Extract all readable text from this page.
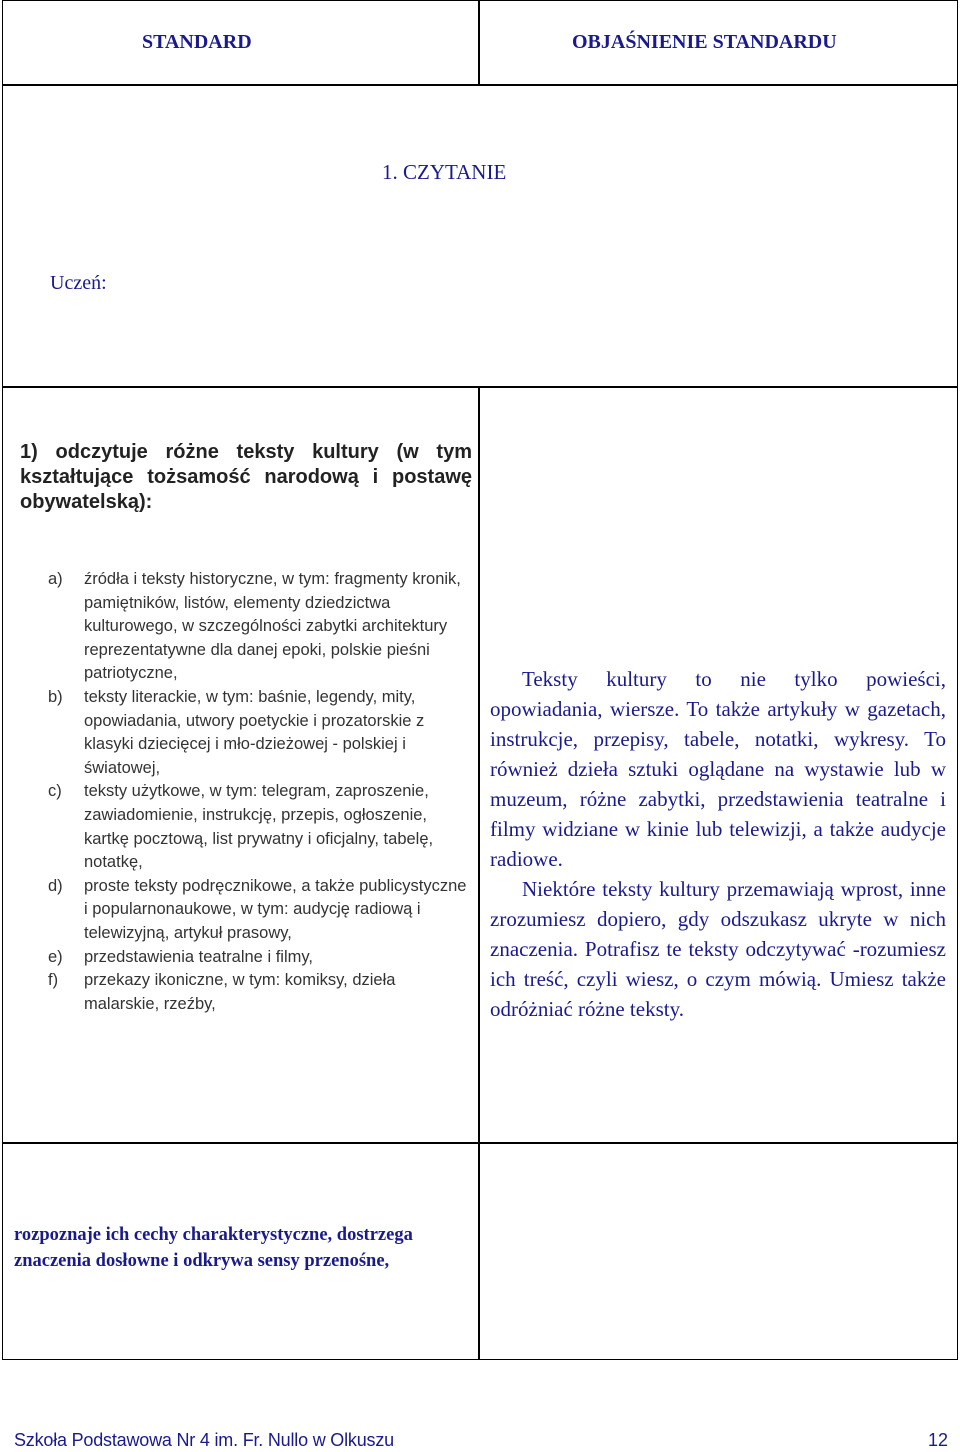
STANDARD	OBJAŚNIENIE STANDARDU
1. CZYTANIE
Uczeń:
1) odczytuje różne teksty kultury (w tym kształtujące tożsamość narodową i postawę obywatelską):
a) źródła i teksty historyczne, w tym: fragmenty kronik, pamiętników, listów, elementy dziedzictwa kulturowego, w szczególności zabytki architektury reprezentatywne dla danej epoki, polskie pieśni patriotyczne,
b) teksty literackie, w tym: baśnie, legendy, mity, opowiadania, utwory poetyckie i prozatorskie z klasyki dziecięcej i mło-dzieżowej - polskiej i światowej,
c) teksty użytkowe, w tym: telegram, zaproszenie, zawiadomienie, instrukcję, przepis, ogłoszenie, kartkę pocztową, list prywatny i oficjalny, tabelę, notatkę,
d) proste teksty podręcznikowe, a także publicystyczne i popularnonaukowe, w tym: audycję radiową i telewizyjną, artykuł prasowy,
e) przedstawienia teatralne i filmy,
f) przekazy ikoniczne, w tym: komiksy, dzieła malarskie, rzeźby,

Teksty kultury to nie tylko powieści, opowiadania, wiersze. To także artykuły w gazetach, instrukcje, przepisy, tabele, notatki, wykresy. To również dzieła sztuki oglądane na wystawie lub w muzeum, różne zabytki, przedstawienia teatralne i filmy widziane w kinie lub telewizji, a także audycje radiowe.

Niektóre teksty kultury przemawiają wprost, inne zrozumiesz dopiero, gdy odszukasz ukryte w nich znaczenia. Potrafisz te teksty odczytywać -rozumiesz ich treść, czyli wiesz, o czym mówią. Umiesz także odróżniać różne teksty.

rozpoznaje ich cechy charakterystyczne, dostrzega znaczenia dosłowne i odkrywa sensy przenośne,
Szkoła Podstawowa Nr 4 im. Fr. Nullo w Olkuszu	12
